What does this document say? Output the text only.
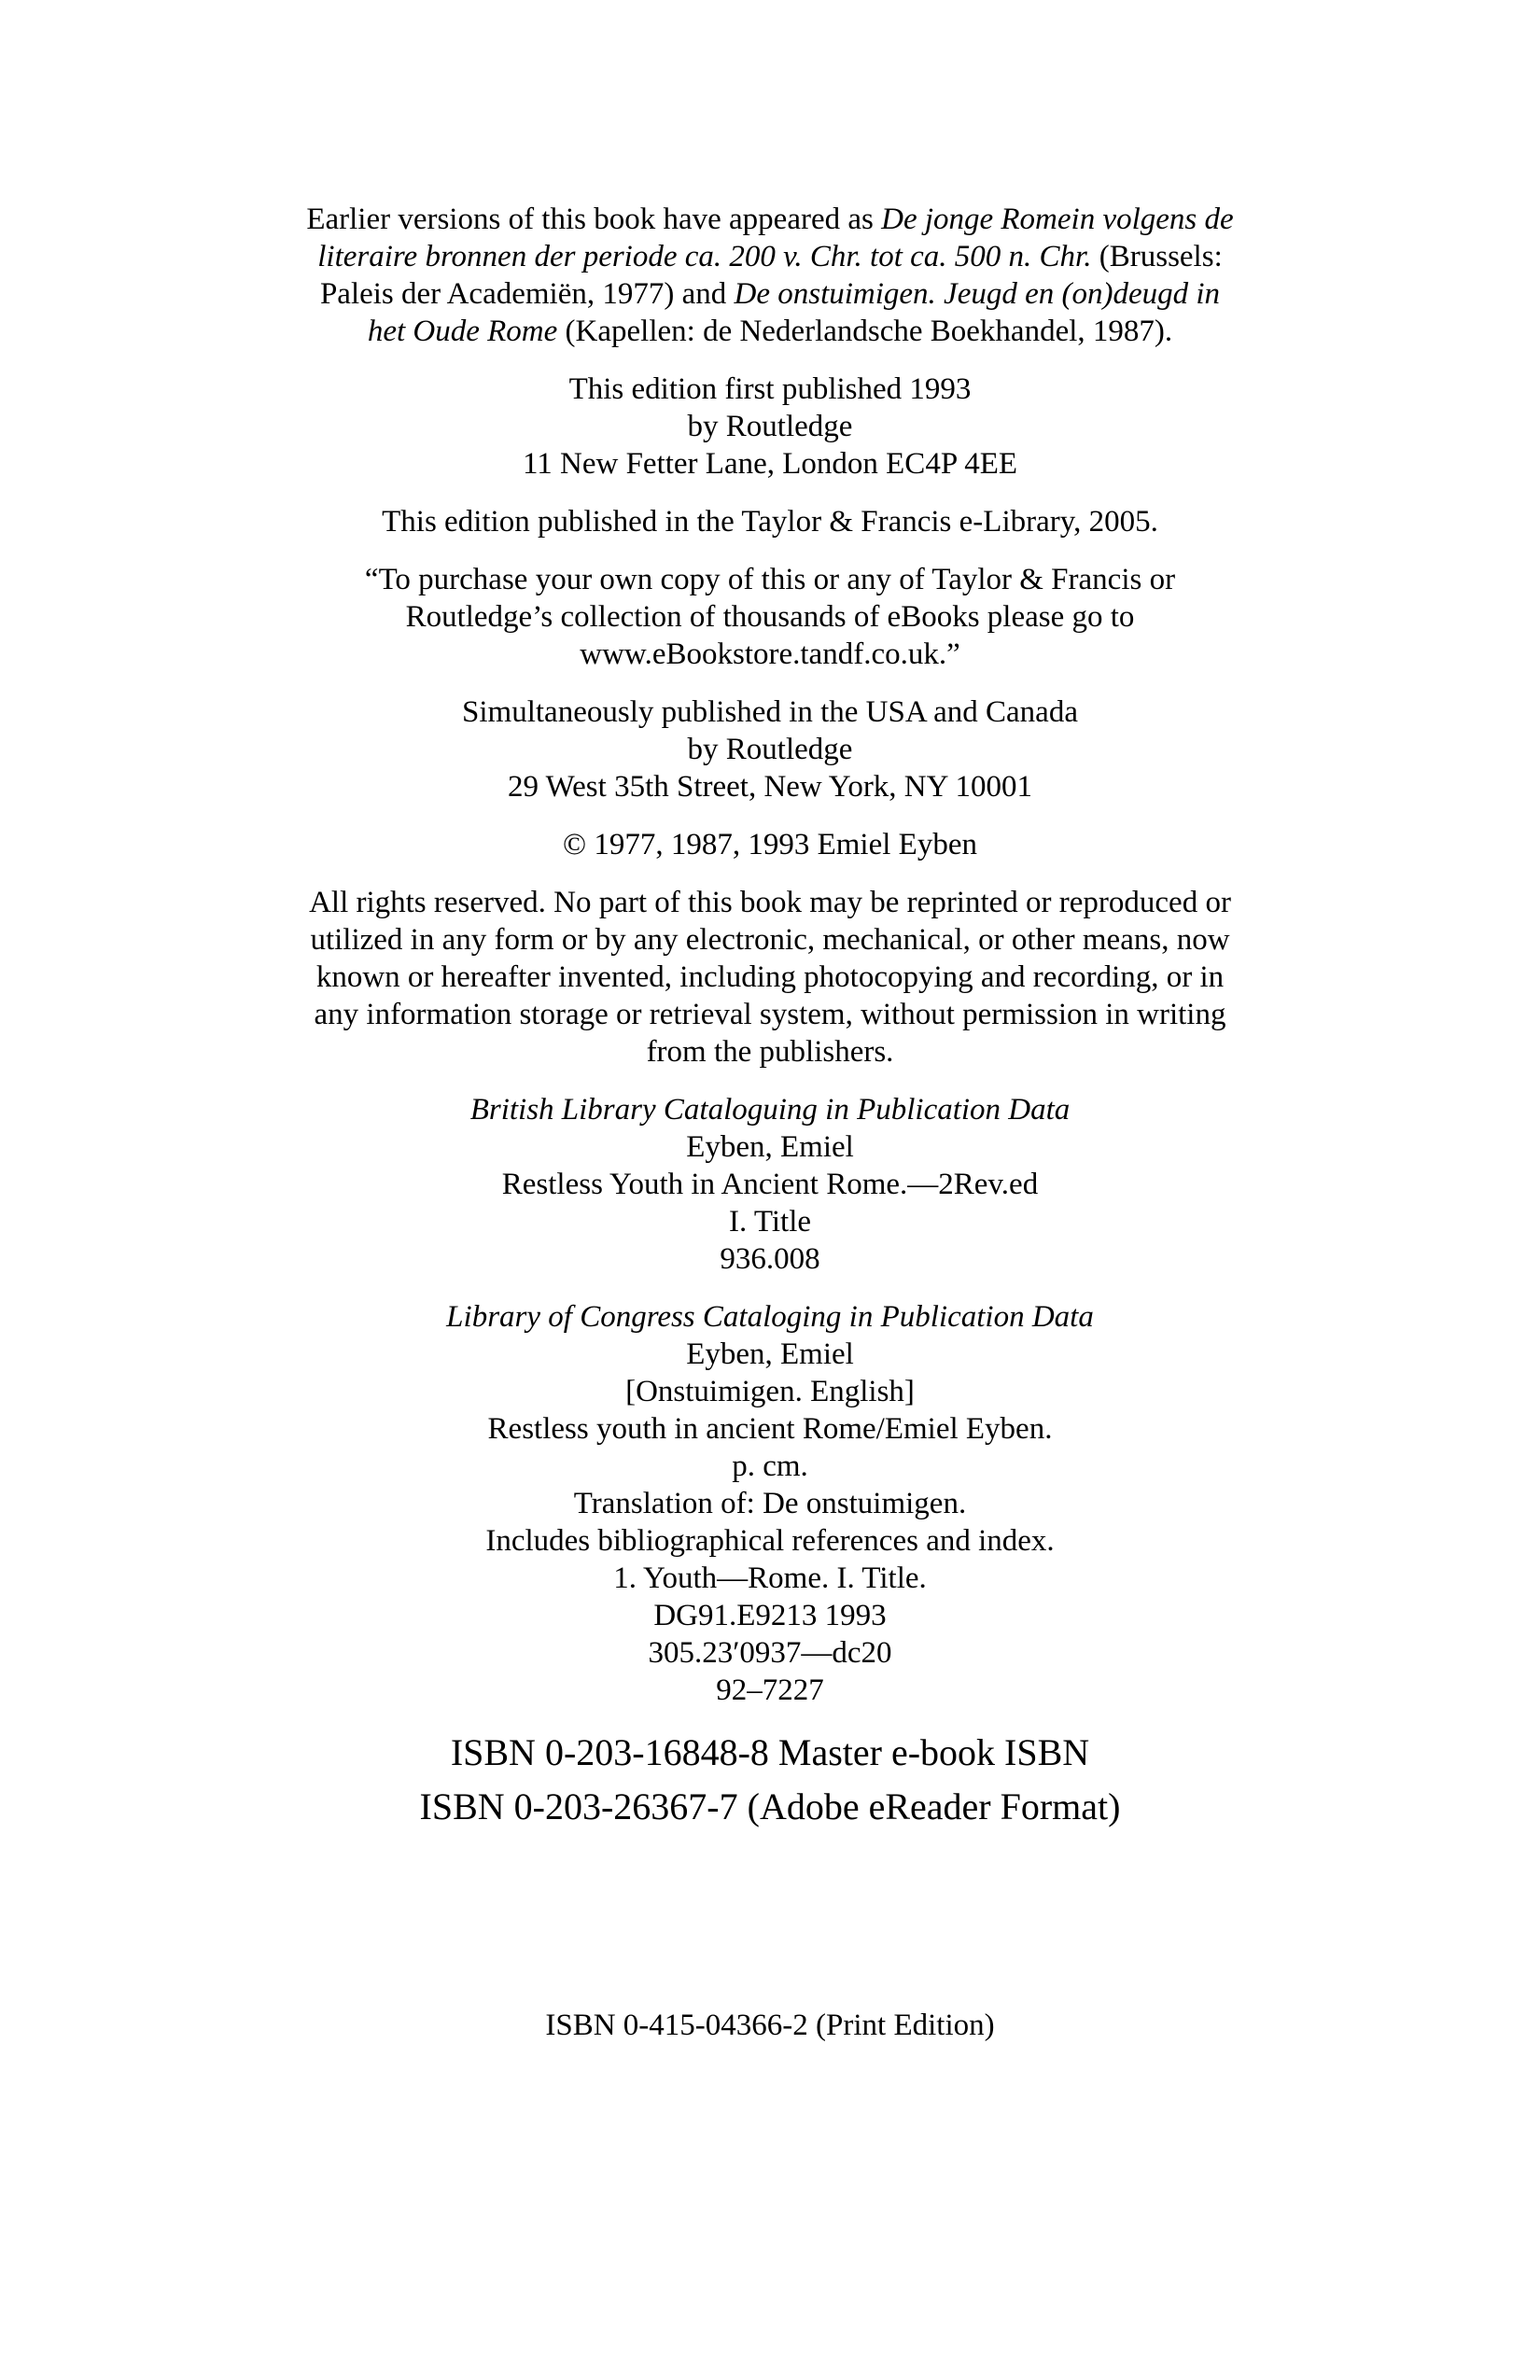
Earlier versions of this book have appeared as De jonge Romein volgens de
literaire bronnen der periode ca. 200 v. Chr. tot ca. 500 n. Chr. (Brussels:
Paleis der Academiën, 1977) and De onstuimigen. Jeugd en (on)deugd in
het Oude Rome (Kapellen: de Nederlandsche Boekhandel, 1987).
This edition first published 1993
by Routledge
11 New Fetter Lane, London EC4P 4EE
This edition published in the Taylor & Francis e-Library, 2005.
“To purchase your own copy of this or any of Taylor & Francis or
Routledge’s collection of thousands of eBooks please go to
www.eBookstore.tandf.co.uk.”
Simultaneously published in the USA and Canada
by Routledge
29 West 35th Street, New York, NY 10001
© 1977, 1987, 1993 Emiel Eyben
All rights reserved. No part of this book may be reprinted or reproduced or
utilized in any form or by any electronic, mechanical, or other means, now
known or hereafter invented, including photocopying and recording, or in
any information storage or retrieval system, without permission in writing
from the publishers.
British Library Cataloguing in Publication Data
Eyben, Emiel
Restless Youth in Ancient Rome.—2Rev.ed
I. Title
936.008
Library of Congress Cataloging in Publication Data
Eyben, Emiel
[Onstuimigen. English]
Restless youth in ancient Rome/Emiel Eyben.
p. cm.
Translation of: De onstuimigen.
Includes bibliographical references and index.
1. Youth—Rome. I. Title.
DG91.E9213 1993
305.23′0937—dc20
92–7227
ISBN 0-203-16848-8 Master e-book ISBN
ISBN 0-203-26367-7 (Adobe eReader Format)
ISBN 0-415-04366-2 (Print Edition)
